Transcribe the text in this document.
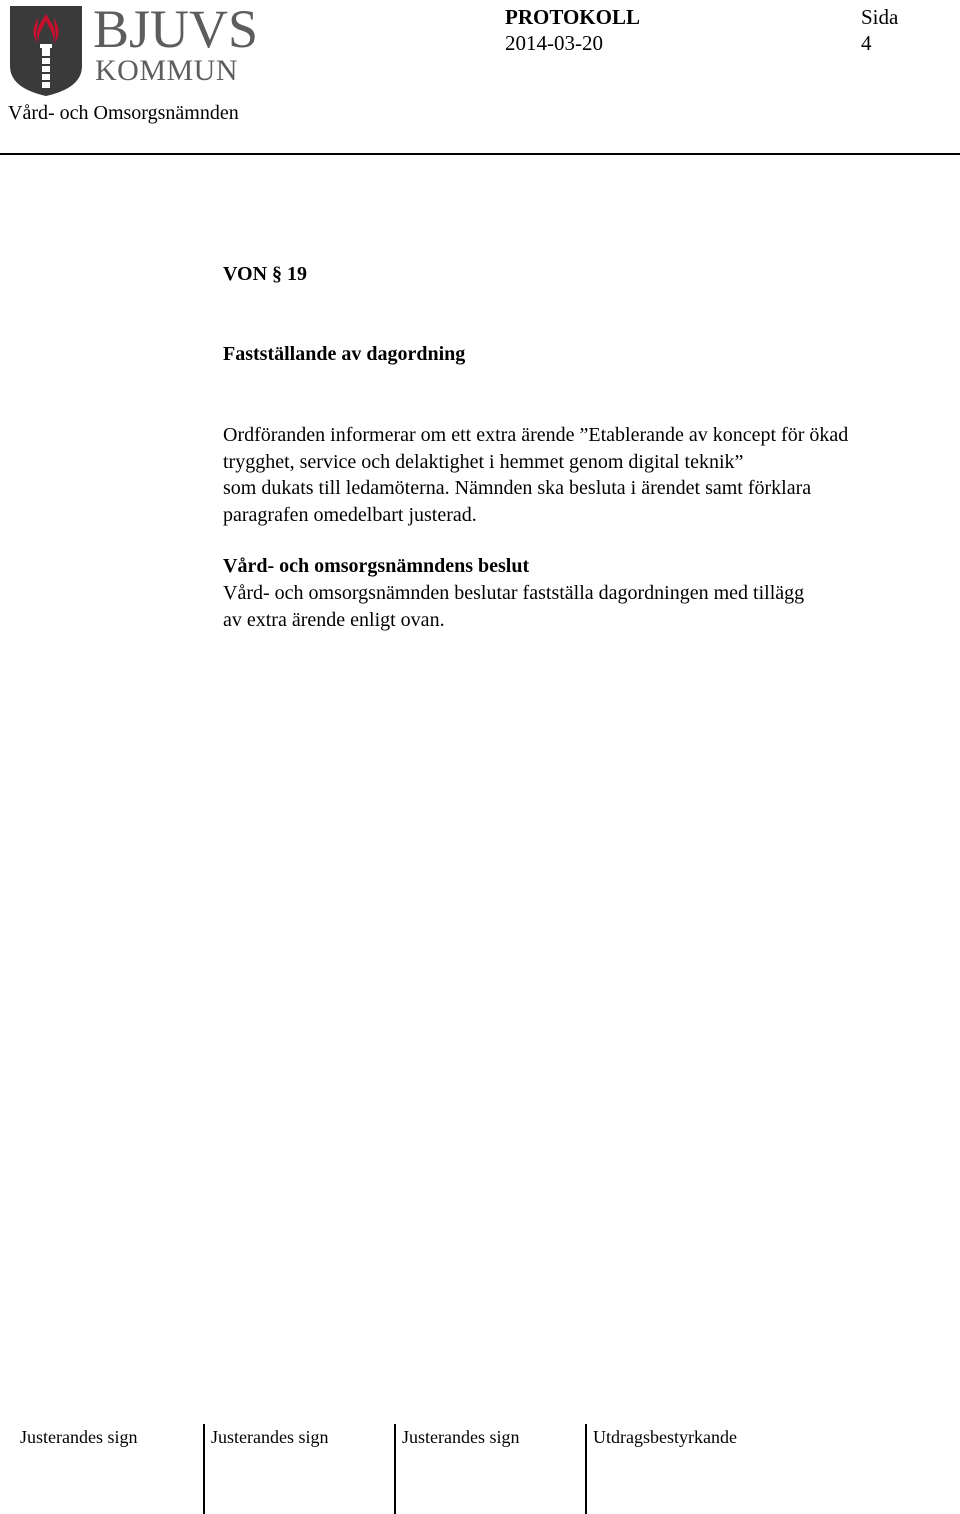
BJUVS
KOMMUN
Vård- och Omsorgsnämnden
PROTOKOLL
2014-03-20
Sida
4
VON § 19
Fastställande av dagordning
Ordföranden informerar om ett extra ärende ”Etablerande av koncept för ökad
trygghet, service och delaktighet i hemmet genom digital teknik”
som dukats till ledamöterna. Nämnden ska besluta i ärendet samt förklara
paragrafen omedelbart justerad.
Vård- och omsorgsnämndens beslut
Vård- och omsorgsnämnden beslutar fastställa dagordningen med tillägg
av extra ärende enligt ovan.
Justerandes sign	Justerandes sign	Justerandes sign	Utdragsbestyrkande
